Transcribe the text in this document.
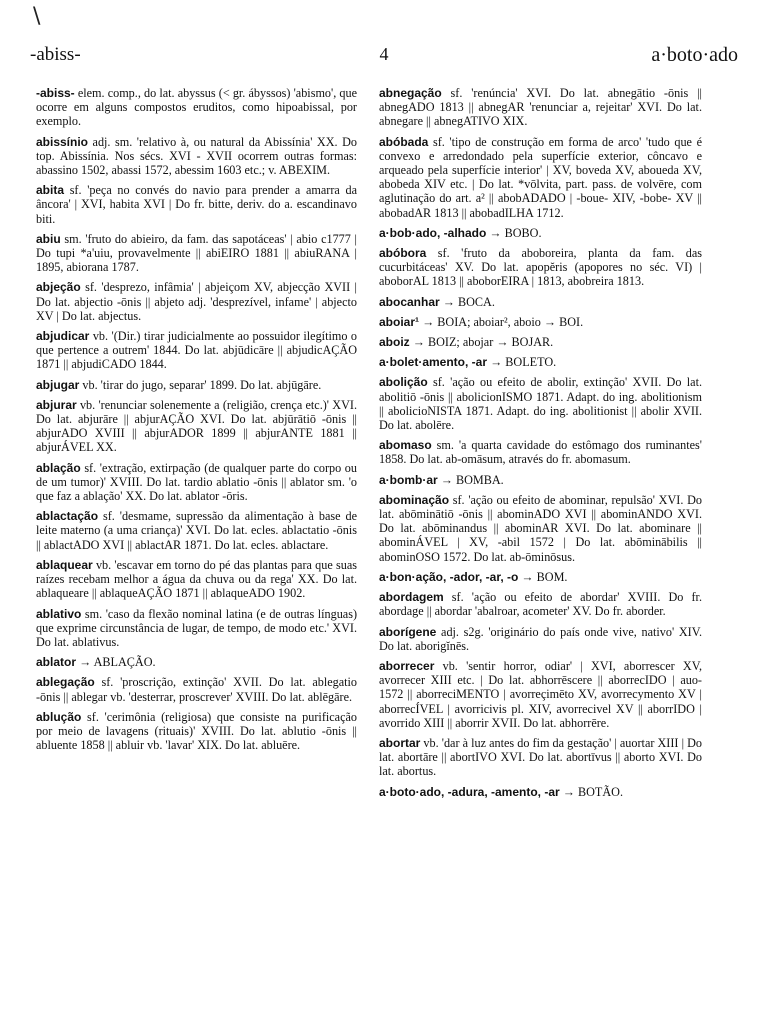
\
-abiss-	4	a·boto·ado

-abiss- elem. comp., do lat. abyssus (< gr. ábyssos) 'abismo', que ocorre em alguns compostos eruditos, como hipoabissal, por exemplo.

abissínio adj. sm. 'relativo à, ou natural da Abissínia' XX. Do top. Abissínia. Nos sécs. XVI - XVII ocorrem outras formas: abassino 1502, abassi 1572, abessim 1603 etc.; v. ABEXIM.

abita sf. 'peça no convés do navio para prender a amarra da âncora' | XVI, habita XVI | Do fr. bitte, deriv. do a. escandinavo biti.

abiu sm. 'fruto do abieiro, da fam. das sapotáceas' | abio c1777 | Do tupi *a'uiu, provavelmente || abiEIRO 1881 || abiuRANA | 1895, abiorana 1787.

abjeção sf. 'desprezo, infâmia' | abjeiçom XV, abjecção XVII | Do lat. abjectio -ōnis || abjeto adj. 'desprezível, infame' | abjecto XV | Do lat. abjectus.

abjudicar vb. '(Dir.) tirar judicialmente ao possuidor ilegítimo o que pertence a outrem' 1844. Do lat. abjūdicāre || abjudicAÇÃO 1871 || abjudiCADO 1844.

abjugar vb. 'tirar do jugo, separar' 1899. Do lat. abjūgāre.

abjurar vb. 'renunciar solenemente a (religião, crença etc.)' XVI. Do lat. abjurāre || abjurAÇÃO XVI. Do lat. abjūrātiō -ōnis || abjurADO XVIII || abjurADOR 1899 || abjurANTE 1881 || abjurÁVEL XX.

ablação sf. 'extração, extirpação (de qualquer parte do corpo ou de um tumor)' XVIII. Do lat. tardio ablatio -ōnis || ablator sm. 'o que faz a ablação' XX. Do lat. ablator -ōris.

ablactação sf. 'desmame, supressão da alimentação à base de leite materno (a uma criança)' XVI. Do lat. ecles. ablactatio -ōnis || ablactADO XVI || ablactAR 1871. Do lat. ecles. ablactare.

ablaquear vb. 'escavar em torno do pé das plantas para que suas raízes recebam melhor a água da chuva ou da rega' XX. Do lat. ablaqueare || ablaqueAÇÃO 1871 || ablaqueADO 1902.

ablativo sm. 'caso da flexão nominal latina (e de outras línguas) que exprime circunstância de lugar, de tempo, de modo etc.' XVI. Do lat. ablativus.

ablator → ABLAÇÃO.

ablegação sf. 'proscrição, extinção' XVII. Do lat. ablegatio -ōnis || ablegar vb. 'desterrar, proscrever' XVIII. Do lat. ablēgāre.

ablução sf. 'cerimônia (religiosa) que consiste na purificação por meio de lavagens (rituais)' XVIII. Do lat. ablutio -ōnis || abluente 1858 || abluir vb. 'lavar' XIX. Do lat. abluēre.

abnegação sf. 'renúncia' XVI. Do lat. abnegātio -ōnis || abnegADO 1813 || abnegAR 'renunciar a, rejeitar' XVI. Do lat. abnegare || abnegATIVO XIX.

abóbada sf. 'tipo de construção em forma de arco' 'tudo que é convexo e arredondado pela superfície exterior, côncavo e arqueado pela superfície interior' | XV, boveda XV, aboueda XV, abobeda XIV etc. | Do lat. *vōlvita, part. pass. de volvēre, com aglutinação do art. a² || abobADADO | -boue- XIV, -bobe- XV || abobadAR 1813 || abobadILHA 1712.

a·bob·ado, -alhado → BOBO.

abóbora sf. 'fruto da aboboreira, planta da fam. das cucurbitáceas' XV. Do lat. apopĕris (apopores no séc. VI) | aboborAL 1813 || aboborEIRA | 1813, abobreira 1813.

abocanhar → BOCA.

aboiar¹ → BOIA; aboiar², aboio → BOI.

aboiz → BOIZ; abojar → BOJAR.

a·bolet·amento, -ar → BOLETO.

abolição sf. 'ação ou efeito de abolir, extinção' XVII. Do lat. abolitiō -ōnis || abolicionISMO 1871. Adapt. do ing. abolitionism || abolicioNISTA 1871. Adapt. do ing. abolitionist || abolir XVII. Do lat. abolēre.

abomaso sm. 'a quarta cavidade do estômago dos ruminantes' 1858. Do lat. ab-omāsum, através do fr. abomasum.

a·bomb·ar → BOMBA.

abominação sf. 'ação ou efeito de abominar, repulsão' XVI. Do lat. abōminātiō -ōnis || abominADO XVI || abominANDO XVI. Do lat. abōminandus || abominAR XVI. Do lat. abominare || abominÁVEL | XV, -abil 1572 | Do lat. abōminābilis || abominOSO 1572. Do lat. ab-ōminōsus.

a·bon·ação, -ador, -ar, -o → BOM.

abordagem sf. 'ação ou efeito de abordar' XVIII. Do fr. abordage || abordar 'abalroar, acometer' XV. Do fr. aborder.

aborígene adj. s2g. 'originário do país onde vive, nativo' XIV. Do lat. aborigĭnēs.

aborrecer vb. 'sentir horror, odiar' | XVI, aborrescer XV, avorrecer XIII etc. | Do lat. abhorrēscere || aborrecIDO | auo- 1572 || aborreciMENTO | avorreçimēto XV, avorrecymento XV | aborrecÍVEL | avorricivis pl. XIV, avorrecivel XV || aborrIDO | avorrido XIII || aborrir XVII. Do lat. abhorrēre.

abortar vb. 'dar à luz antes do fim da gestação' | auortar XIII | Do lat. abortāre || abortIVO XVI. Do lat. abortīvus || aborto XVI. Do lat. abortus.

a·boto·ado, -adura, -amento, -ar → BOTÃO.
